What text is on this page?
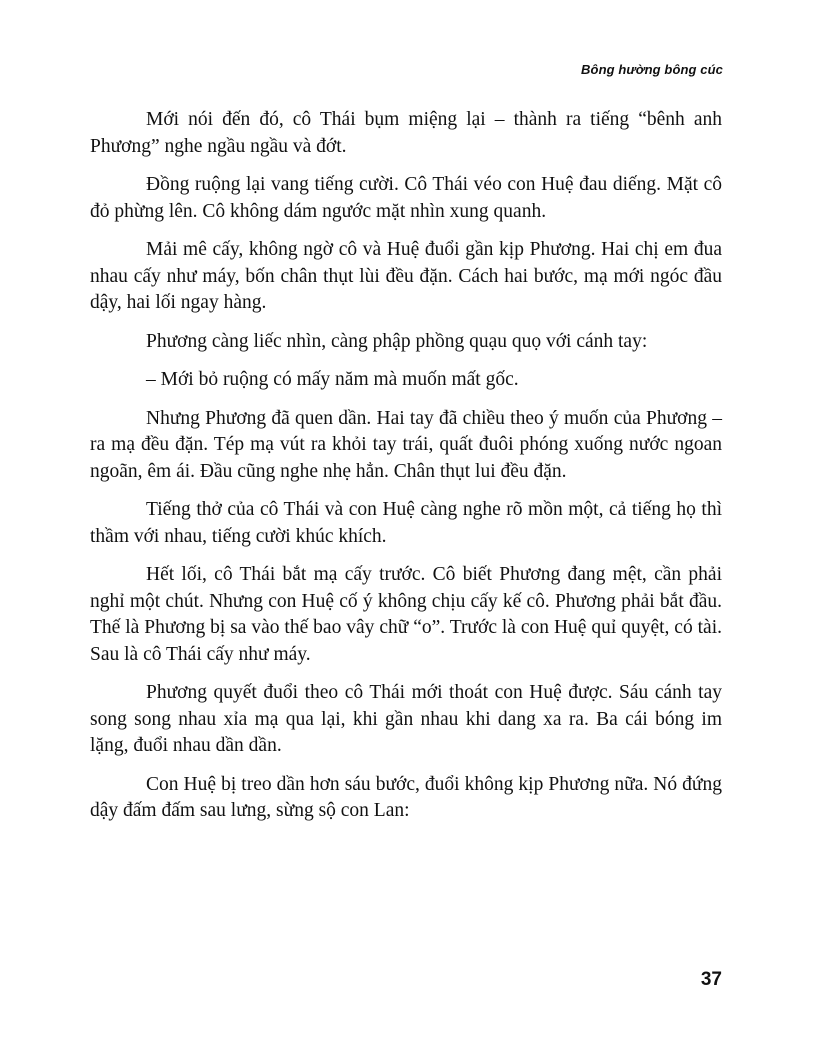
Bông hường bông cúc

Mới nói đến đó, cô Thái bụm miệng lại – thành ra tiếng “bênh anh Phương” nghe ngầu ngầu và đớt.

Đồng ruộng lại vang tiếng cười. Cô Thái véo con Huệ đau diếng. Mặt cô đỏ phừng lên. Cô không dám ngước mặt nhìn xung quanh.

Mải mê cấy, không ngờ cô và Huệ đuổi gần kịp Phương. Hai chị em đua nhau cấy như máy, bốn chân thụt lùi đều đặn. Cách hai bước, mạ mới ngóc đầu dậy, hai lối ngay hàng.

Phương càng liếc nhìn, càng phập phồng quạu quọ với cánh tay:

– Mới bỏ ruộng có mấy năm mà muốn mất gốc.

Nhưng Phương đã quen dần. Hai tay đã chiều theo ý muốn của Phương – ra mạ đều đặn. Tép mạ vút ra khỏi tay trái, quất đuôi phóng xuống nước ngoan ngoãn, êm ái. Đầu cũng nghe nhẹ hẳn. Chân thụt lui đều đặn.

Tiếng thở của cô Thái và con Huệ càng nghe rõ mồn một, cả tiếng họ thì thầm với nhau, tiếng cười khúc khích.

Hết lối, cô Thái bắt mạ cấy trước. Cô biết Phương đang mệt, cần phải nghỉ một chút. Nhưng con Huệ cố ý không chịu cấy kế cô. Phương phải bắt đầu. Thế là Phương bị sa vào thế bao vây chữ “o”. Trước là con Huệ quỉ quyệt, có tài. Sau là cô Thái cấy như máy.

Phương quyết đuổi theo cô Thái mới thoát con Huệ được. Sáu cánh tay song song nhau xỉa mạ qua lại, khi gần nhau khi dang xa ra. Ba cái bóng im lặng, đuổi nhau dần dần.

Con Huệ bị treo dần hơn sáu bước, đuổi không kịp Phương nữa. Nó đứng dậy đấm đấm sau lưng, sừng sộ con Lan:

37
